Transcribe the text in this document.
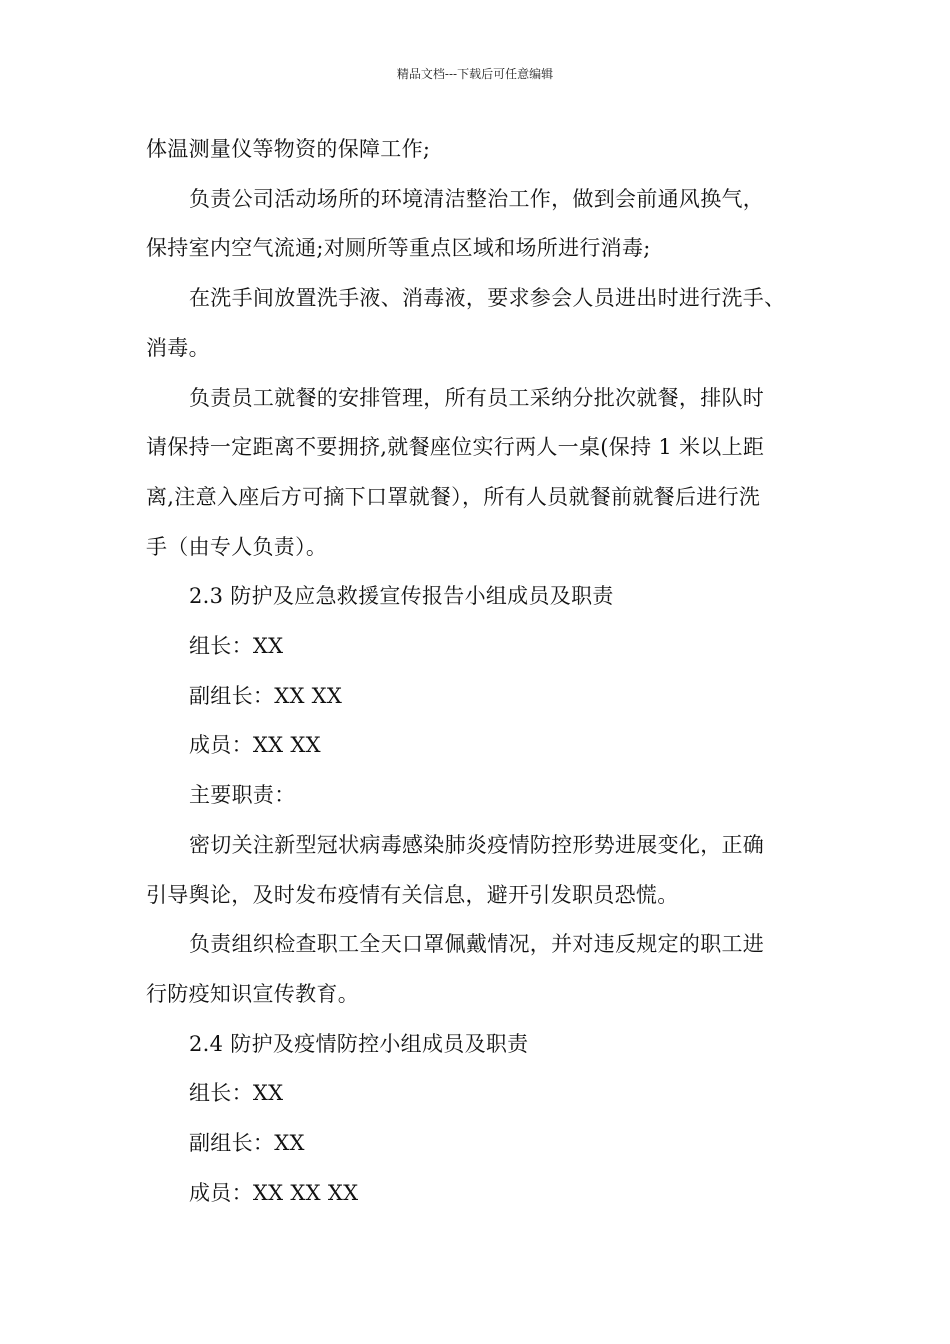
精品文档---下载后可任意编辑

体温测量仪等物资的保障工作;

负责公司活动场所的环境清洁整治工作，做到会前通风换气，

保持室内空气流通;对厕所等重点区域和场所进行消毒;

在洗手间放置洗手液、消毒液，要求参会人员进出时进行洗手、

消毒。

负责员工就餐的安排管理，所有员工采纳分批次就餐，排队时

请保持一定距离不要拥挤,就餐座位实行两人一桌(保持 1 米以上距

离,注意入座后方可摘下口罩就餐），所有人员就餐前就餐后进行洗

手（由专人负责）。

2.3 防护及应急救援宣传报告小组成员及职责

组长：XX

副组长：XX XX

成员：XX XX

主要职责：

密切关注新型冠状病毒感染肺炎疫情防控形势进展变化，正确

引导舆论，及时发布疫情有关信息，避开引发职员恐慌。

负责组织检查职工全天口罩佩戴情况，并对违反规定的职工进

行防疫知识宣传教育。

2.4 防护及疫情防控小组成员及职责

组长：XX

副组长：XX

成员：XX XX XX
